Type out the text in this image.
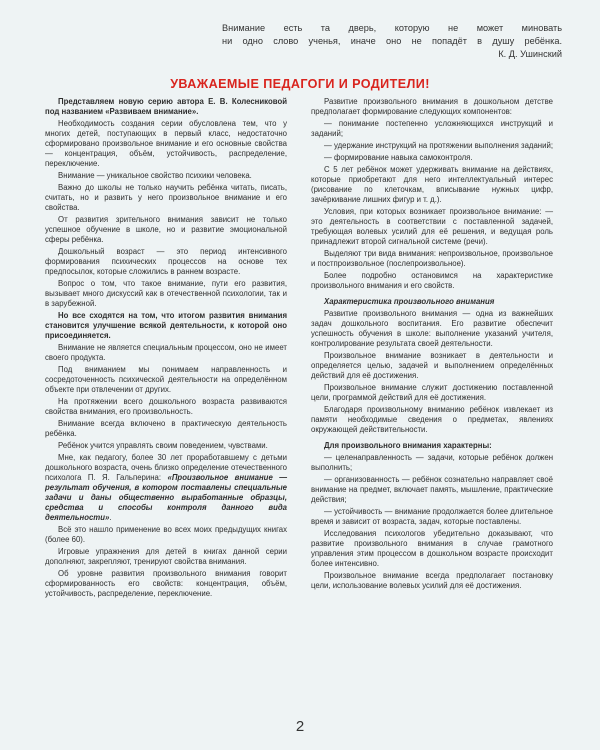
Внимание есть та дверь, которую не может миновать
ни одно слово ученья, иначе оно не попадёт в душу ребёнка.
К. Д. Ушинский
УВАЖАЕМЫЕ ПЕДАГОГИ И РОДИТЕЛИ!

Представляем новую серию автора Е. В. Колесниковой под названием «Развиваем внимание».

Необходимость создания серии обусловлена тем, что у многих детей, поступающих в первый класс, недостаточно сформировано произвольное внимание и его основные свойства — концентрация, объём, устойчивость, распределение, переключение.

Внимание — уникальное свойство психики человека.

Важно до школы не только научить ребёнка читать, писать, считать, но и развить у него произвольное внимание и его свойства.

От развития зрительного внимания зависит не только успешное обучение в школе, но и развитие эмоциональной сферы ребёнка.

Дошкольный возраст — это период интенсивного формирования психических процессов на основе тех предпосылок, которые сложились в раннем возрасте.

Вопрос о том, что такое внимание, пути его развития, вызывает много дискуссий как в отечественной психологии, так и в зарубежной.

Но все сходятся на том, что итогом развития внимания становится улучшение всякой деятельности, к которой оно присоединяется.

Внимание не является специальным процессом, оно не имеет своего продукта.

Под вниманием мы понимаем направленность и сосредоточенность психической деятельности на определённом объекте при отвлечении от других.

На протяжении всего дошкольного возраста развиваются свойства внимания, его произвольность.

Внимание всегда включено в практическую деятельность ребёнка.

Ребёнок учится управлять своим поведением, чувствами.

Мне, как педагогу, более 30 лет проработавшему с детьми дошкольного возраста, очень близко определение отечественного психолога П. Я. Гальперина: «Произвольное внимание — результат обучения, в котором поставлены специальные задачи и даны общественно выработанные образцы, средства и способы контроля данного вида деятельности».

Всё это нашло применение во всех моих предыдущих книгах (более 60).

Игровые упражнения для детей в книгах данной серии дополняют, закрепляют, тренируют свойства внимания.

Об уровне развития произвольного внимания говорит сформированность его свойств: концентрация, объём, устойчивость, распределение, переключение.

Развитие произвольного внимания в дошкольном детстве предполагает формирование следующих компонентов:

— понимание постепенно усложняющихся инструкций и заданий;

— удержание инструкций на протяжении выполнения заданий;

— формирование навыка самоконтроля.

С 5 лет ребёнок может удерживать внимание на действиях, которые приобретают для него интеллектуальный интерес (рисование по клеточкам, вписывание нужных цифр, зачёркивание лишних фигур и т. д.).

Условия, при которых возникает произвольное внимание: — это деятельность в соответствии с поставленной задачей, требующая волевых усилий для её решения, и ведущая роль принадлежит второй сигнальной системе (речи).

Выделяют три вида внимания: непроизвольное, произвольное и постпроизвольное (послепроизвольное).

Более подробно остановимся на характеристике произвольного внимания и его свойств.

Характеристика произвольного внимания

Развитие произвольного внимания — одна из важнейших задач дошкольного воспитания. Его развитие обеспечит успешность обучения в школе: выполнение указаний учителя, контролирование результата своей деятельности.

Произвольное внимание возникает в деятельности и определяется целью, задачей и выполнением определённых действий для её достижения.

Произвольное внимание служит достижению поставленной цели, программой действий для её достижения.

Благодаря произвольному вниманию ребёнок извлекает из памяти необходимые сведения о предметах, явлениях окружающей действительности.

Для произвольного внимания характерны:

— целенаправленность — задачи, которые ребёнок должен выполнить;

— организованность — ребёнок сознательно направляет своё внимание на предмет, включает память, мышление, практические действия;

— устойчивость — внимание продолжается более длительное время и зависит от возраста, задач, которые поставлены.

Исследования психологов убедительно доказывают, что развитие произвольного внимания в случае грамотного управления этим процессом в дошкольном возрасте происходит более интенсивно.

Произвольное внимание всегда предполагает постановку цели, использование волевых усилий для её достижения.

2
